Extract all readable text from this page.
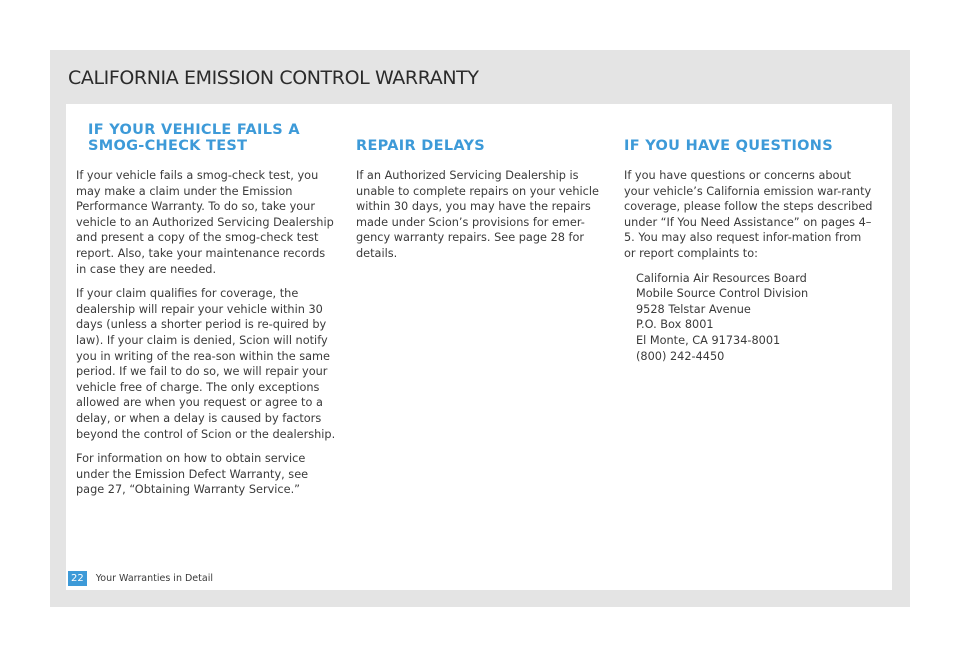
CALIFORNIA EMISSION CONTROL WARRANTY
IF YOUR VEHICLE FAILS A
SMOG-CHECK TEST

If your vehicle fails a smog-check test, you may make a claim under the Emission Performance Warranty. To do so, take your vehicle to an Authorized Servicing Dealership and present a copy of the smog-check test report. Also, take your maintenance records in case they are needed.

If your claim qualifies for coverage, the dealership will repair your vehicle within 30 days (unless a shorter period is re-quired by law). If your claim is denied, Scion will notify you in writing of the rea-son within the same period. If we fail to do so, we will repair your vehicle free of charge. The only exceptions allowed are when you request or agree to a delay, or when a delay is caused by factors beyond the control of Scion or the dealership.

For information on how to obtain service under the Emission Defect Warranty, see page 27, “Obtaining Warranty Service.”

REPAIR DELAYS

If an Authorized Servicing Dealership is unable to complete repairs on your vehicle within 30 days, you may have the repairs made under Scion’s provisions for emer-gency warranty repairs. See page 28 for details.

IF YOU HAVE QUESTIONS

If you have questions or concerns about your vehicle’s California emission war-ranty coverage, please follow the steps described under “If You Need Assistance” on pages 4–5. You may also request infor-mation from or report complaints to:

California Air Resources Board
Mobile Source Control Division
9528 Telstar Avenue
P.O. Box 8001
El Monte, CA 91734-8001
(800) 242-4450
22	Your Warranties in Detail
